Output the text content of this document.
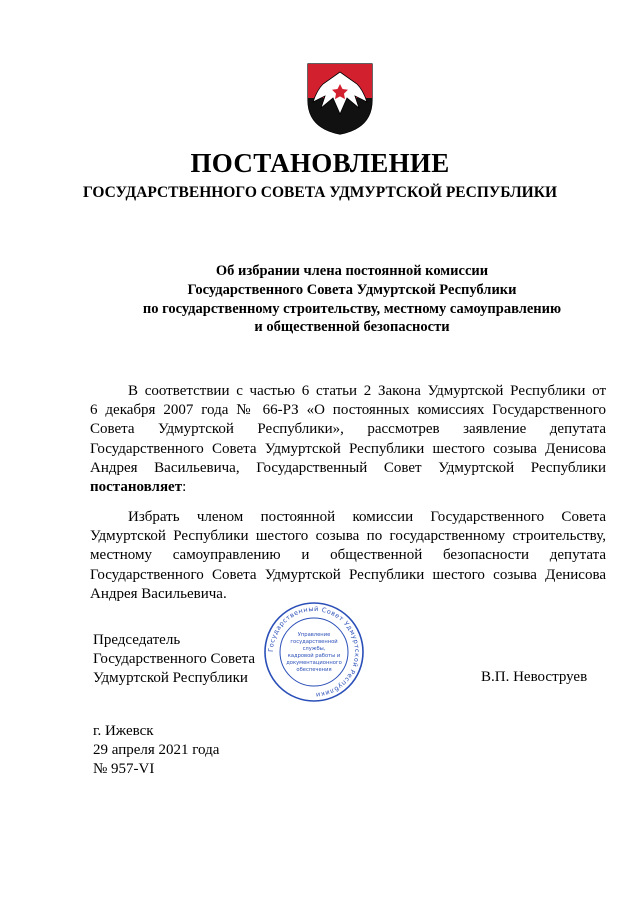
ПОСТАНОВЛЕНИЕ
ГОСУДАРСТВЕННОГО СОВЕТА УДМУРТСКОЙ РЕСПУБЛИКИ
Об избрании члена постоянной комиссии
Государственного Совета Удмуртской Республики
по государственному строительству, местному самоуправлению
и общественной безопасности
В соответствии с частью 6 статьи 2 Закона Удмуртской Республики от
6 декабря 2007 года № 66-РЗ «О постоянных комиссиях Государственного
Совета Удмуртской Республики», рассмотрев заявление депутата
Государственного Совета Удмуртской Республики шестого созыва Денисова
Андрея Васильевича, Государственный Совет Удмуртской Республики
постановляет:
Избрать членом постоянной комиссии Государственного Совета
Удмуртской Республики шестого созыва по государственному строительству,
местному самоуправлению и общественной безопасности депутата
Государственного Совета Удмуртской Республики шестого созыва Денисова
Андрея Васильевича.
Председатель
Государственного Совета
Удмуртской Республики
Государственный Совет Удмуртской Республики
Управление
государственной
службы,
кадровой работы и
документационного
обеспечения	В.П. Невоструев
г. Ижевск
29 апреля 2021 года
№ 957-VI
